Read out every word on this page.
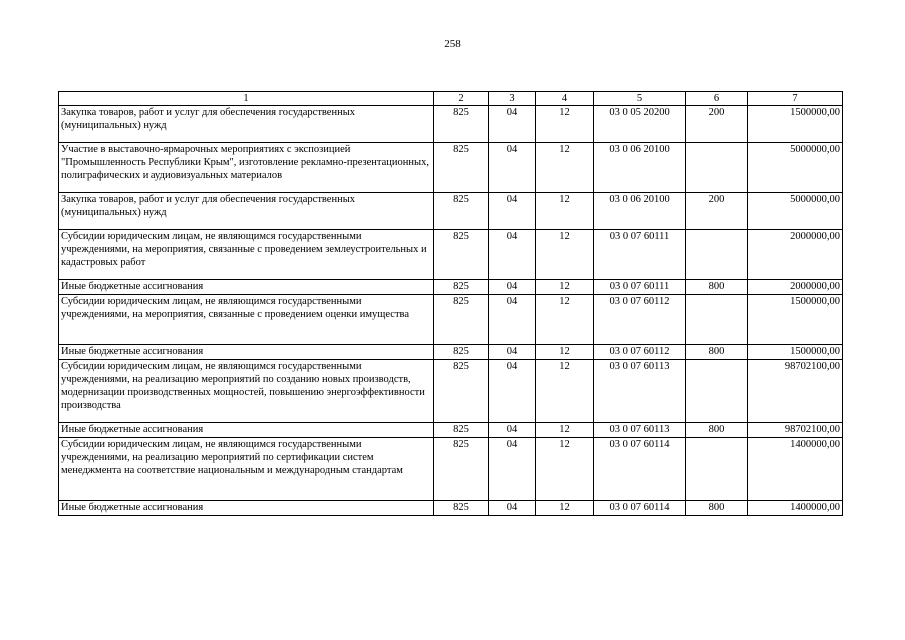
258
1	2	3	4	5	6	7
Закупка товаров, работ и услуг для обеспечения государственных (муниципальных) нужд	825	04	12	03 0 05 20200	200	1500000,00
Участие в выставочно-ярмарочных мероприятиях с экспозицией "Промышленность Республики Крым", изготовление рекламно-презентационных, полиграфических и аудиовизуальных материалов	825	04	12	03 0 06 20100		5000000,00
Закупка товаров, работ и услуг для обеспечения государственных (муниципальных) нужд	825	04	12	03 0 06 20100	200	5000000,00
Субсидии юридическим лицам, не являющимся государственными учреждениями, на мероприятия, связанные с проведением землеустроительных и кадастровых работ	825	04	12	03 0 07 60111		2000000,00
Иные бюджетные ассигнования	825	04	12	03 0 07 60111	800	2000000,00
Субсидии юридическим лицам, не являющимся государственными учреждениями, на мероприятия, связанные с проведением оценки имущества	825	04	12	03 0 07 60112		1500000,00
Иные бюджетные ассигнования	825	04	12	03 0 07 60112	800	1500000,00
Субсидии юридическим лицам, не являющимся государственными учреждениями, на реализацию мероприятий по созданию новых производств, модернизации производственных мощностей, повышению энергоэффективности производства	825	04	12	03 0 07 60113		98702100,00
Иные бюджетные ассигнования	825	04	12	03 0 07 60113	800	98702100,00
Субсидии юридическим лицам, не являющимся государственными учреждениями, на реализацию мероприятий по сертификации систем менеджмента на соответствие национальным и международным стандартам	825	04	12	03 0 07 60114		1400000,00
Иные бюджетные ассигнования	825	04	12	03 0 07 60114	800	1400000,00
